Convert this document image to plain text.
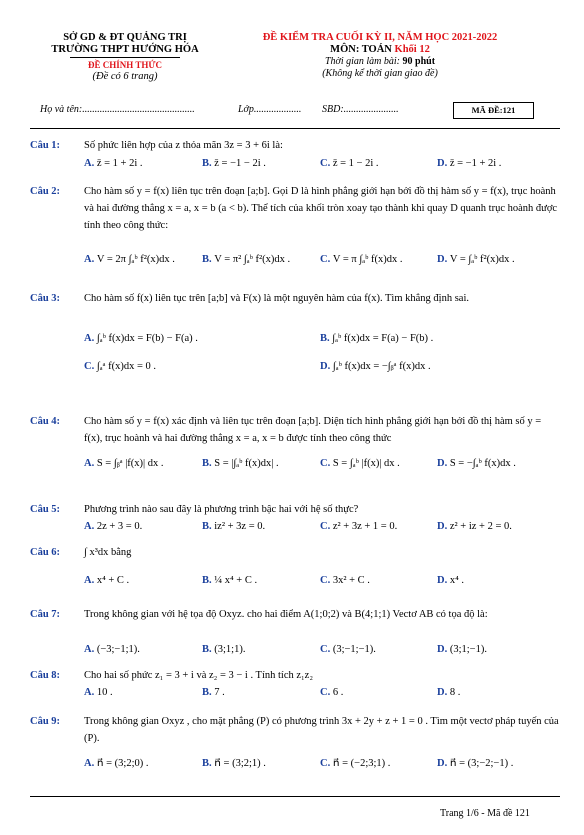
SỞ GD & ĐT QUẢNG TRỊ
TRƯỜNG THPT HƯỚNG HÓA
ĐỀ CHÍNH THỨC
(Đề có 6 trang)
ĐỀ KIỂM TRA CUỐI KỲ II, NĂM HỌC 2021-2022
MÔN: TOÁN Khối 12
Thời gian làm bài: 90 phút
(Không kể thời gian giao đề)
Họ và tên:.............................................	Lớp................... SBD:......................	MÃ ĐỀ:121
Câu 1: Số phức liên hợp của z thỏa mãn 3z = 3 + 6i là:
A. z̄ = 1 + 2i .	B. z̄ = −1 − 2i .	C. z̄ = 1 − 2i .	D. z̄ = −1 + 2i .
Câu 2: Cho hàm số y = f(x) liên tục trên đoạn [a;b]. Gọi D là hình phẳng giới hạn bởi đồ thị hàm số y = f(x), trục hoành và hai đường thẳng x = a, x = b (a < b). Thể tích của khối tròn xoay tạo thành khi quay D quanh trục hoành được tính theo công thức:
A. V = 2π ∫ₐᵇ f²(x)dx .	B. V = π² ∫ₐᵇ f²(x)dx .	C. V = π ∫ₐᵇ f(x)dx .	D. V = ∫ₐᵇ f²(x)dx .
Câu 3: Cho hàm số f(x) liên tục trên [a;b] và F(x) là một nguyên hàm của f(x). Tìm khẳng định sai.
A. ∫ₐᵇ f(x)dx = F(b) − F(a) .	B. ∫ₐᵇ f(x)dx = F(a) − F(b) .
C. ∫ₐᵃ f(x)dx = 0 .	D. ∫ₐᵇ f(x)dx = −∫ᵦᵃ f(x)dx .
Câu 4: Cho hàm số y = f(x) xác định và liên tục trên đoạn [a;b]. Diện tích hình phẳng giới hạn bởi đồ thị hàm số y = f(x), trục hoành và hai đường thẳng x = a, x = b được tính theo công thức
A. S = ∫ᵦᵃ |f(x)| dx .	B. S = |∫ₐᵇ f(x)dx| .	C. S = ∫ₐᵇ |f(x)| dx .	D. S = −∫ₐᵇ f(x)dx .
Câu 5: Phương trình nào sau đây là phương trình bậc hai với hệ số thực?
A. 2z + 3 = 0.	B. iz² + 3z = 0.	C. z² + 3z + 1 = 0.	D. z² + iz + 2 = 0.
Câu 6: ∫ x³dx bằng
A. x⁴ + C .	B. ¼ x⁴ + C .	C. 3x² + C .	D. x⁴ .
Câu 7: Trong không gian với hệ tọa độ Oxyz. cho hai điểm A(1;0;2) và B(4;1;1) Vectơ AB có tọa độ là:
A. (−3;−1;1).	B. (3;1;1).	C. (3;−1;−1).	D. (3;1;−1).
Câu 8: Cho hai số phức z₁ = 3 + i và z₂ = 3 − i . Tính tích z₁z₂
A. 10 .	B. 7 .	C. 6 .	D. 8 .
Câu 9: Trong không gian Oxyz , cho mặt phẳng (P) có phương trình 3x + 2y + z + 1 = 0 . Tìm một vectơ pháp tuyến của (P).
A. n⃗ = (3;2;0) .	B. n⃗ = (3;2;1) .	C. n⃗ = (−2;3;1) .	D. n⃗ = (3;−2;−1) .
Trang 1/6 - Mã đề 121
